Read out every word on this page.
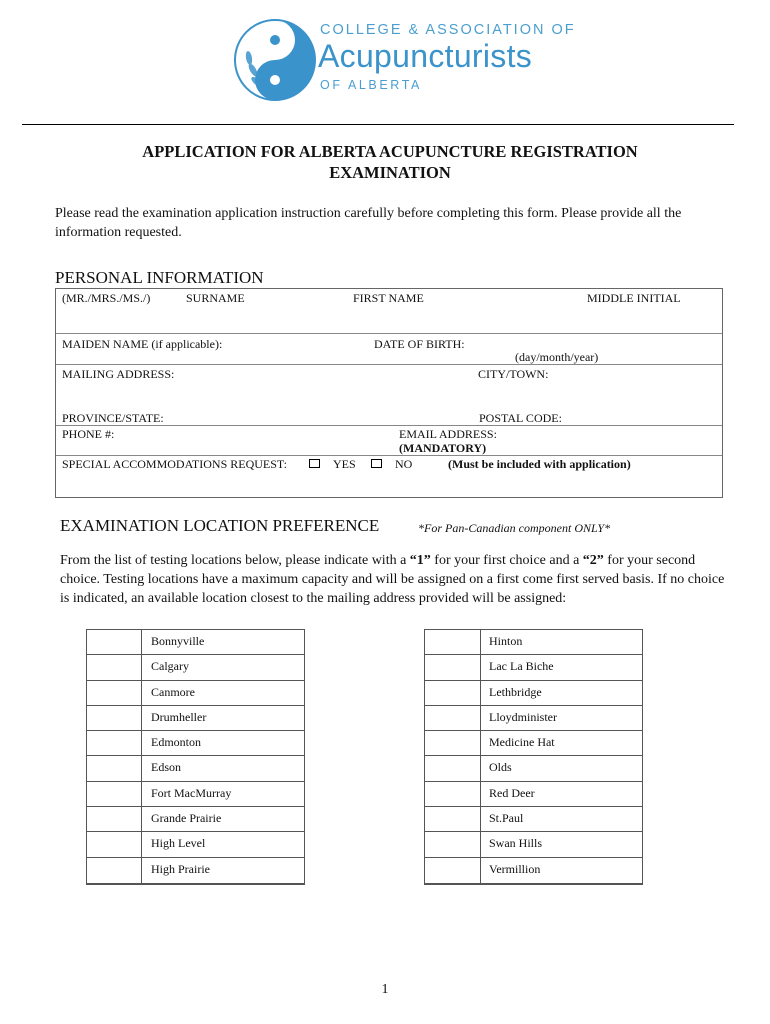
COLLEGE & ASSOCIATION OF
Acupuncturists
OF ALBERTA
APPLICATION FOR ALBERTA ACUPUNCTURE REGISTRATION
EXAMINATION
Please read the examination application instruction carefully before completing this form. Please provide all the information requested.
PERSONAL INFORMATION
(MR./MRS./MS./)	SURNAME	FIRST NAME	MIDDLE INITIAL
MAIDEN NAME (if applicable):	DATE OF BIRTH:
(day/month/year)
MAILING ADDRESS:	CITY/TOWN:
PROVINCE/STATE:	POSTAL CODE:
PHONE #:	EMAIL ADDRESS:
(MANDATORY)
SPECIAL ACCOMMODATIONS REQUEST:	YES	NO	(Must be included with application)
EXAMINATION LOCATION PREFERENCE	*For Pan-Canadian component ONLY*
From the list of testing locations below, please indicate with a “1” for your first choice and a “2” for your second choice. Testing locations have a maximum capacity and will be assigned on a first come first served basis. If no choice is indicated, an available location closest to the mailing address provided will be assigned:
Bonnyville
Calgary
Canmore
Drumheller
Edmonton
Edson
Fort MacMurray
Grande Prairie
High Level
High Prairie
Hinton
Lac La Biche
Lethbridge
Lloydminister
Medicine Hat
Olds
Red Deer
St.Paul
Swan Hills
Vermillion
1
